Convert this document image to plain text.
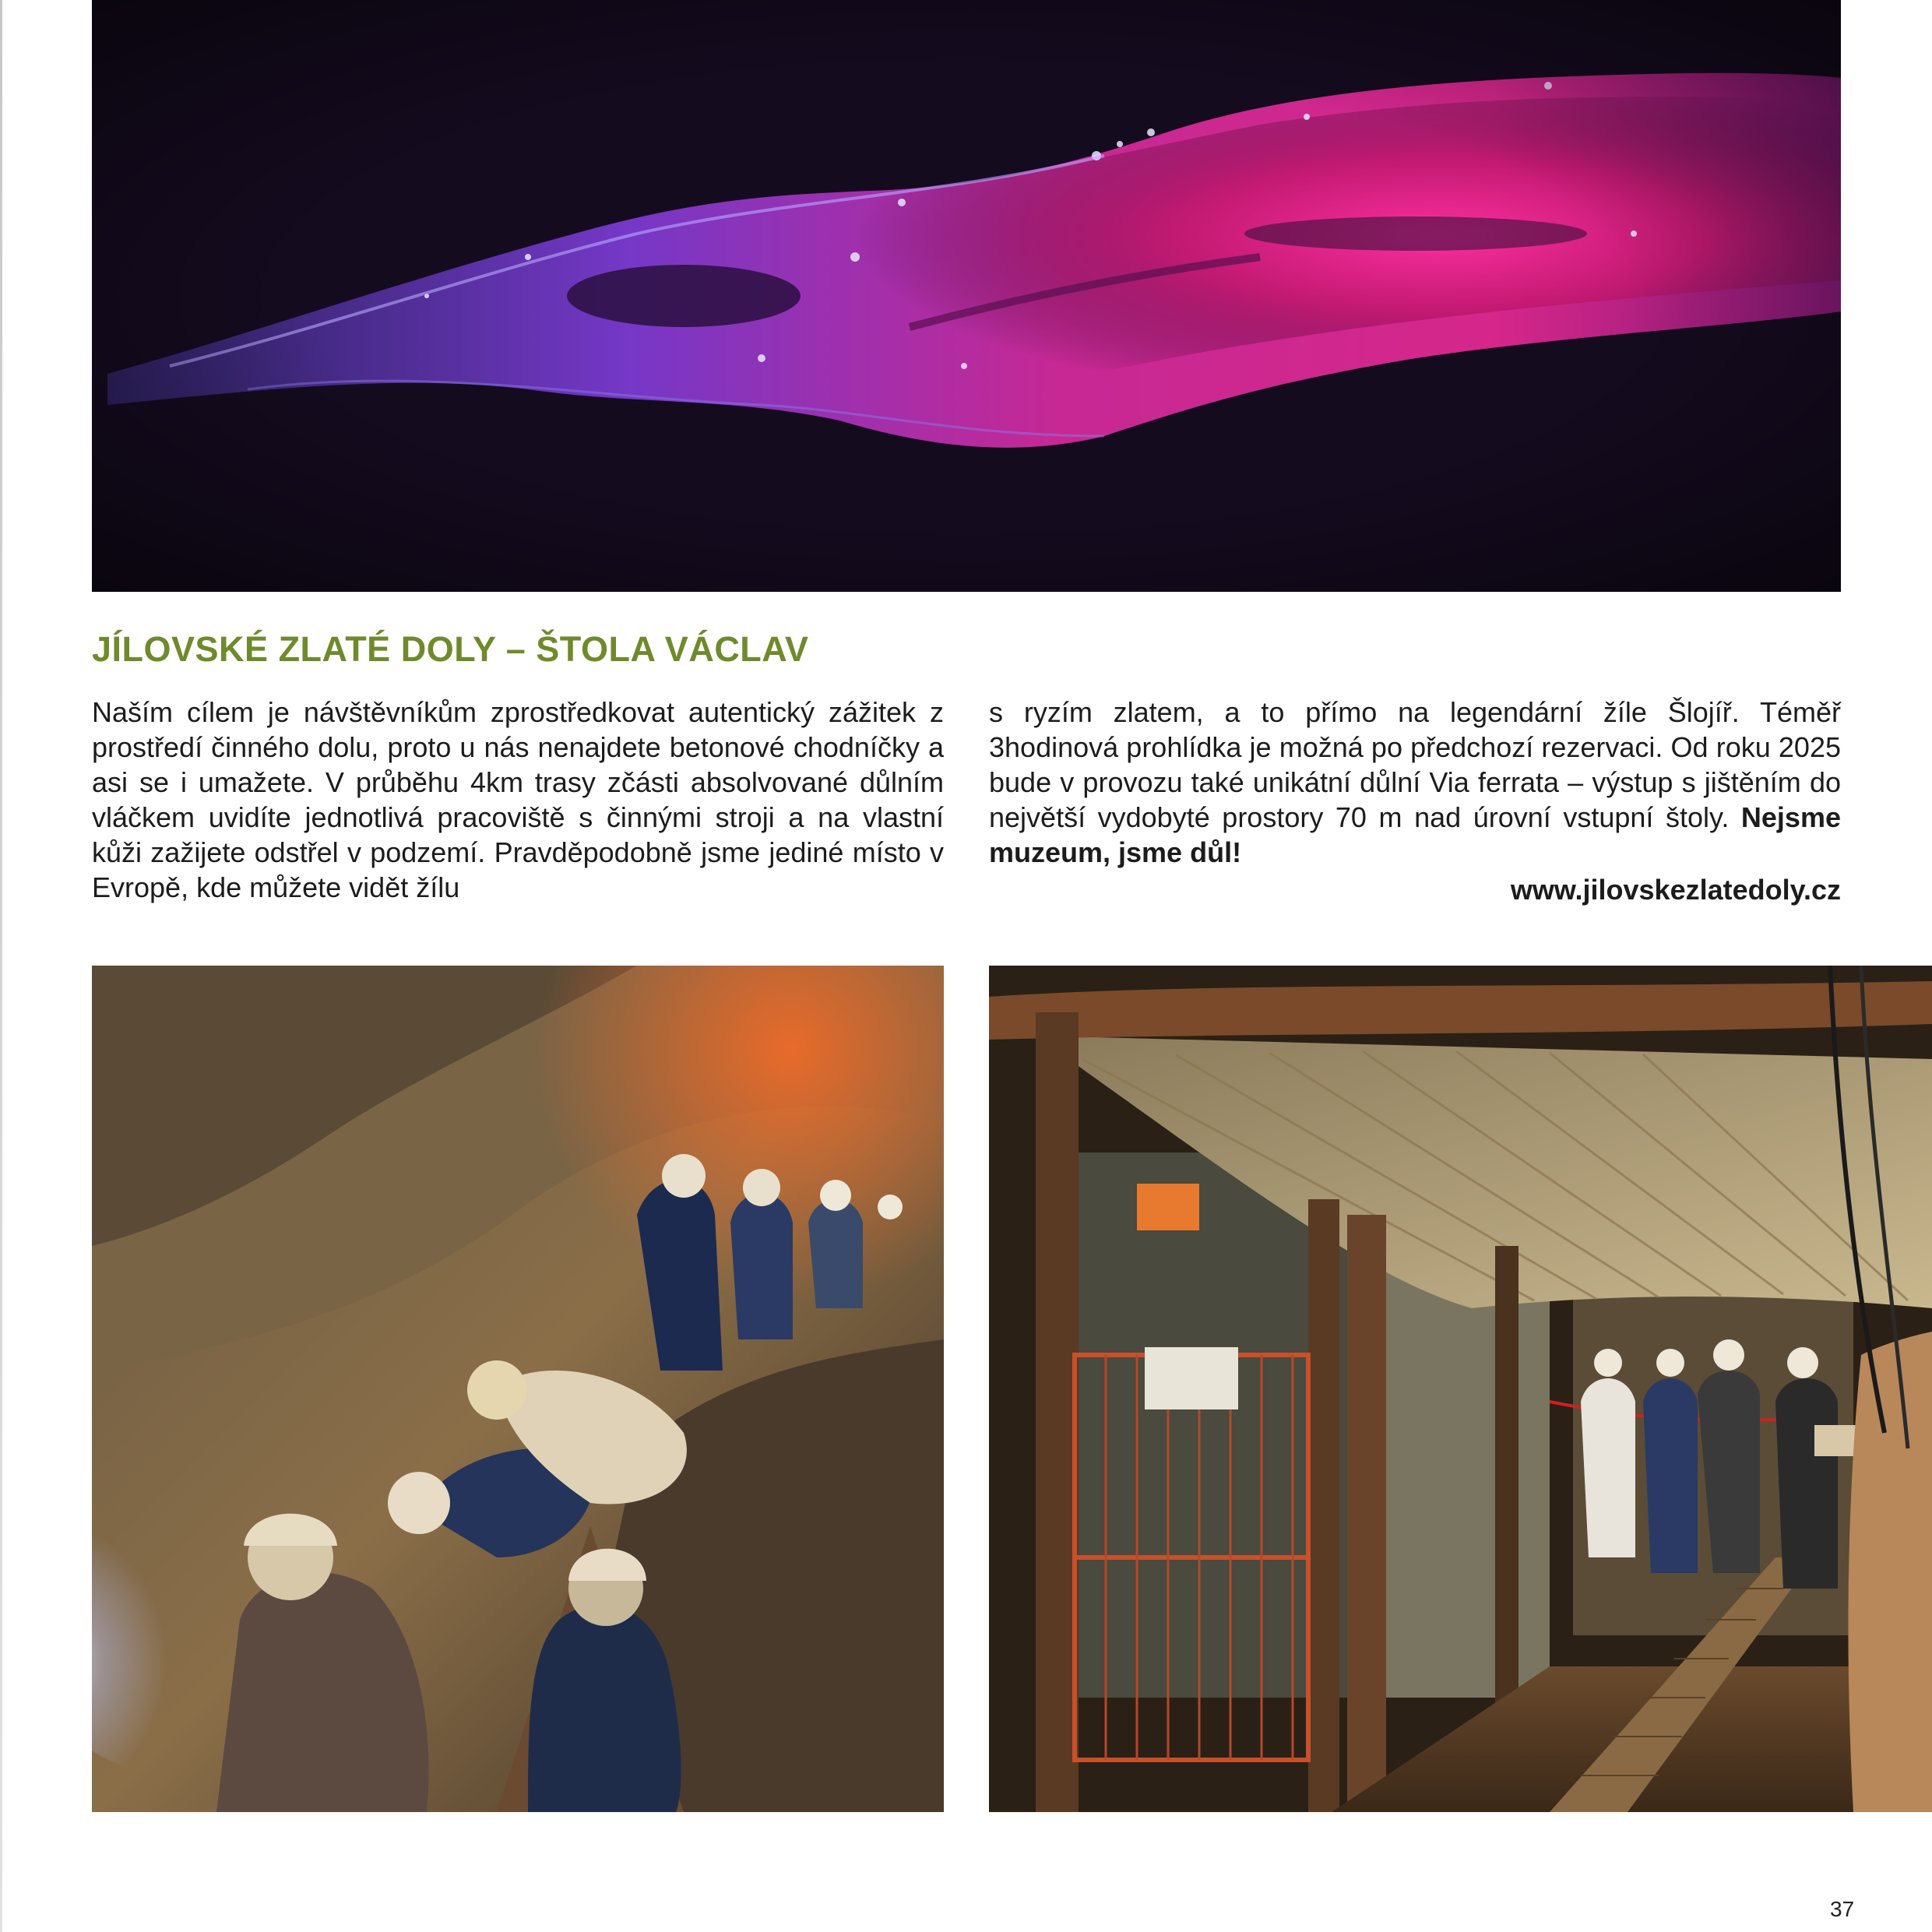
JÍLOVSKÉ ZLATÉ DOLY – ŠTOLA VÁCLAV
Naším cílem je návštěvníkům zprostředkovat autentický zážitek z prostředí činného dolu, proto u nás nenajdete betonové chodníčky a asi se i umažete. V průběhu 4km trasy zčásti absolvované důlním vláčkem uvidíte jednotlivá pracoviště s činnými stroji a na vlastní kůži zažijete odstřel v podzemí. Pravděpodobně jsme jediné místo v Evropě, kde můžete vidět žílu
s ryzím zlatem, a to přímo na legendární žíle Šlojíř. Téměř 3hodinová prohlídka je možná po předchozí rezervaci. Od roku 2025 bude v provozu také unikátní důlní Via ferrata – výstup s jištěním do největší vydobyté prostory 70 m nad úrovní vstupní štoly. Nejsme muzeum, jsme důl!
www.jilovskezlatedoly.cz
37
